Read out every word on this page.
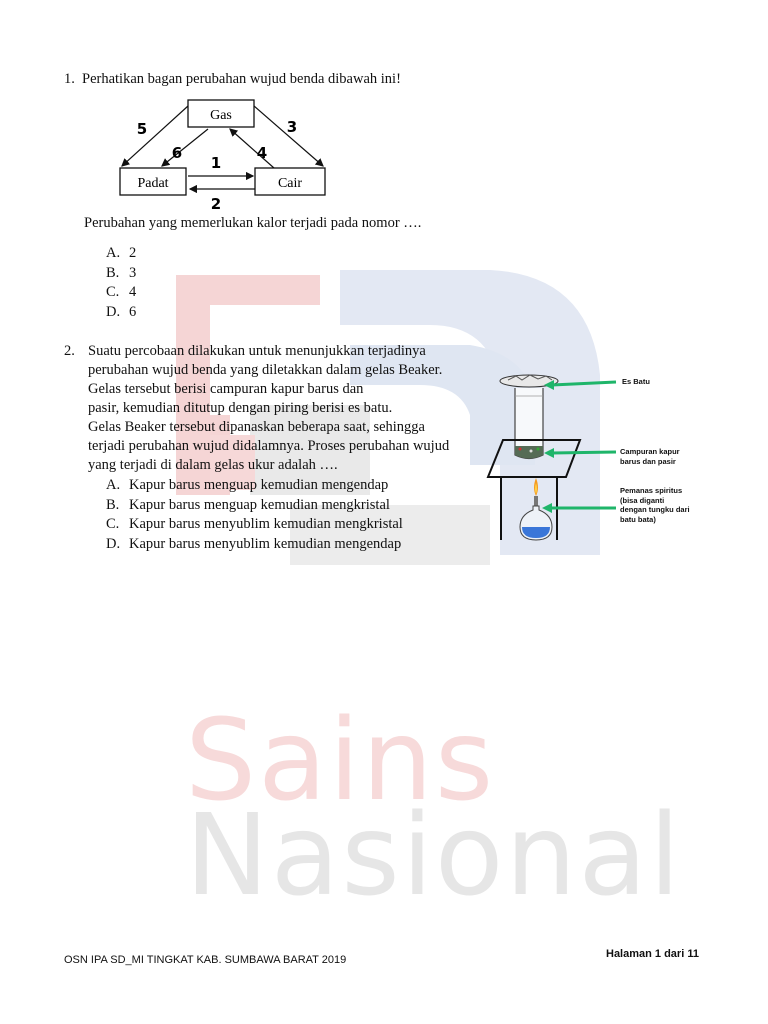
Sains
Nasional
1. Perhatikan bagan perubahan wujud benda dibawah ini!
Gas
Padat	Cair
1
2
3
4
5
6
Perubahan yang memerlukan kalor terjadi pada nomor ….
A. 2
B. 3
C. 4
D. 6
2. Suatu percobaan dilakukan untuk menunjukkan terjadinya
perubahan wujud benda yang diletakkan dalam gelas Beaker.
Gelas tersebut berisi campuran kapur barus dan
pasir, kemudian ditutup dengan piring berisi es batu.
Gelas Beaker tersebut dipanaskan beberapa saat, sehingga
terjadi perubahan wujud didalamnya. Proses perubahan wujud
yang terjadi di dalam gelas ukur adalah ….
A. Kapur barus menguap kemudian mengendap
B. Kapur barus menguap kemudian mengkristal
C. Kapur barus menyublim kemudian mengkristal
D. Kapur barus menyublim kemudian mengendap
Es Batu
Campuran kapur
barus dan pasir
Pemanas spiritus
(bisa diganti
dengan tungku dari
batu bata)
OSN IPA SD_MI TINGKAT KAB. SUMBAWA BARAT 2019	Halaman 1 dari 11
